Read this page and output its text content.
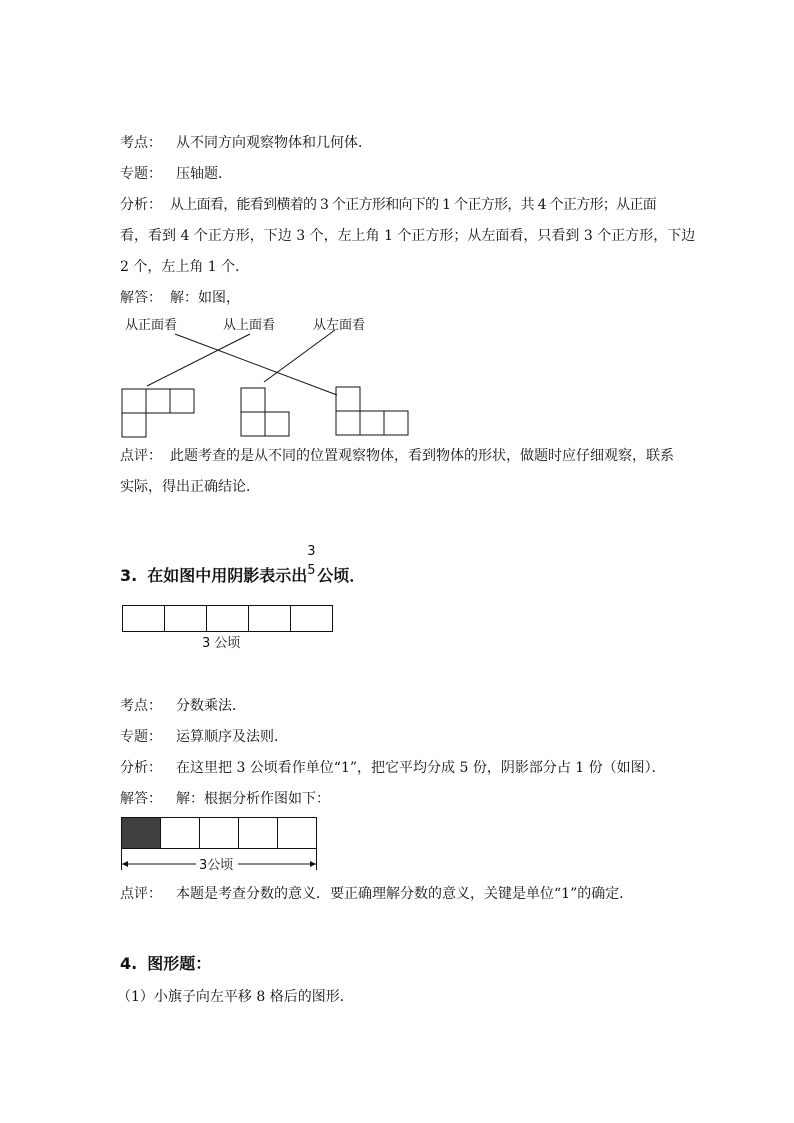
考点： 从不同方向观察物体和几何体．
专题： 压轴题．
分析： 从上面看，能看到横着的 3 个正方形和向下的 1 个正方形，共 4 个正方形；从正面
看，看到 4 个正方形，下边 3 个，左上角 1 个正方形；从左面看，只看到 3 个正方形，下边
2 个，左上角 1 个．
解答： 解：如图，
从正面看	从上面看	从左面看
点评： 此题考查的是从不同的位置观察物体，看到物体的形状，做题时应仔细观察，联系
实际，得出正确结论．
3. 在如图中用阴影表示出
3
5 公顷．
3 公顷
考点： 分数乘法．
专题： 运算顺序及法则．
分析： 在这里把 3 公顷看作单位“1”，把它平均分成 5 份，阴影部分占 1 份（如图）．
解答： 解：根据分析作图如下：
3公顷
点评： 本题是考查分数的意义．要正确理解分数的意义，关键是单位“1”的确定．
4. 图形题：
（1）小旗子向左平移 8 格后的图形．
